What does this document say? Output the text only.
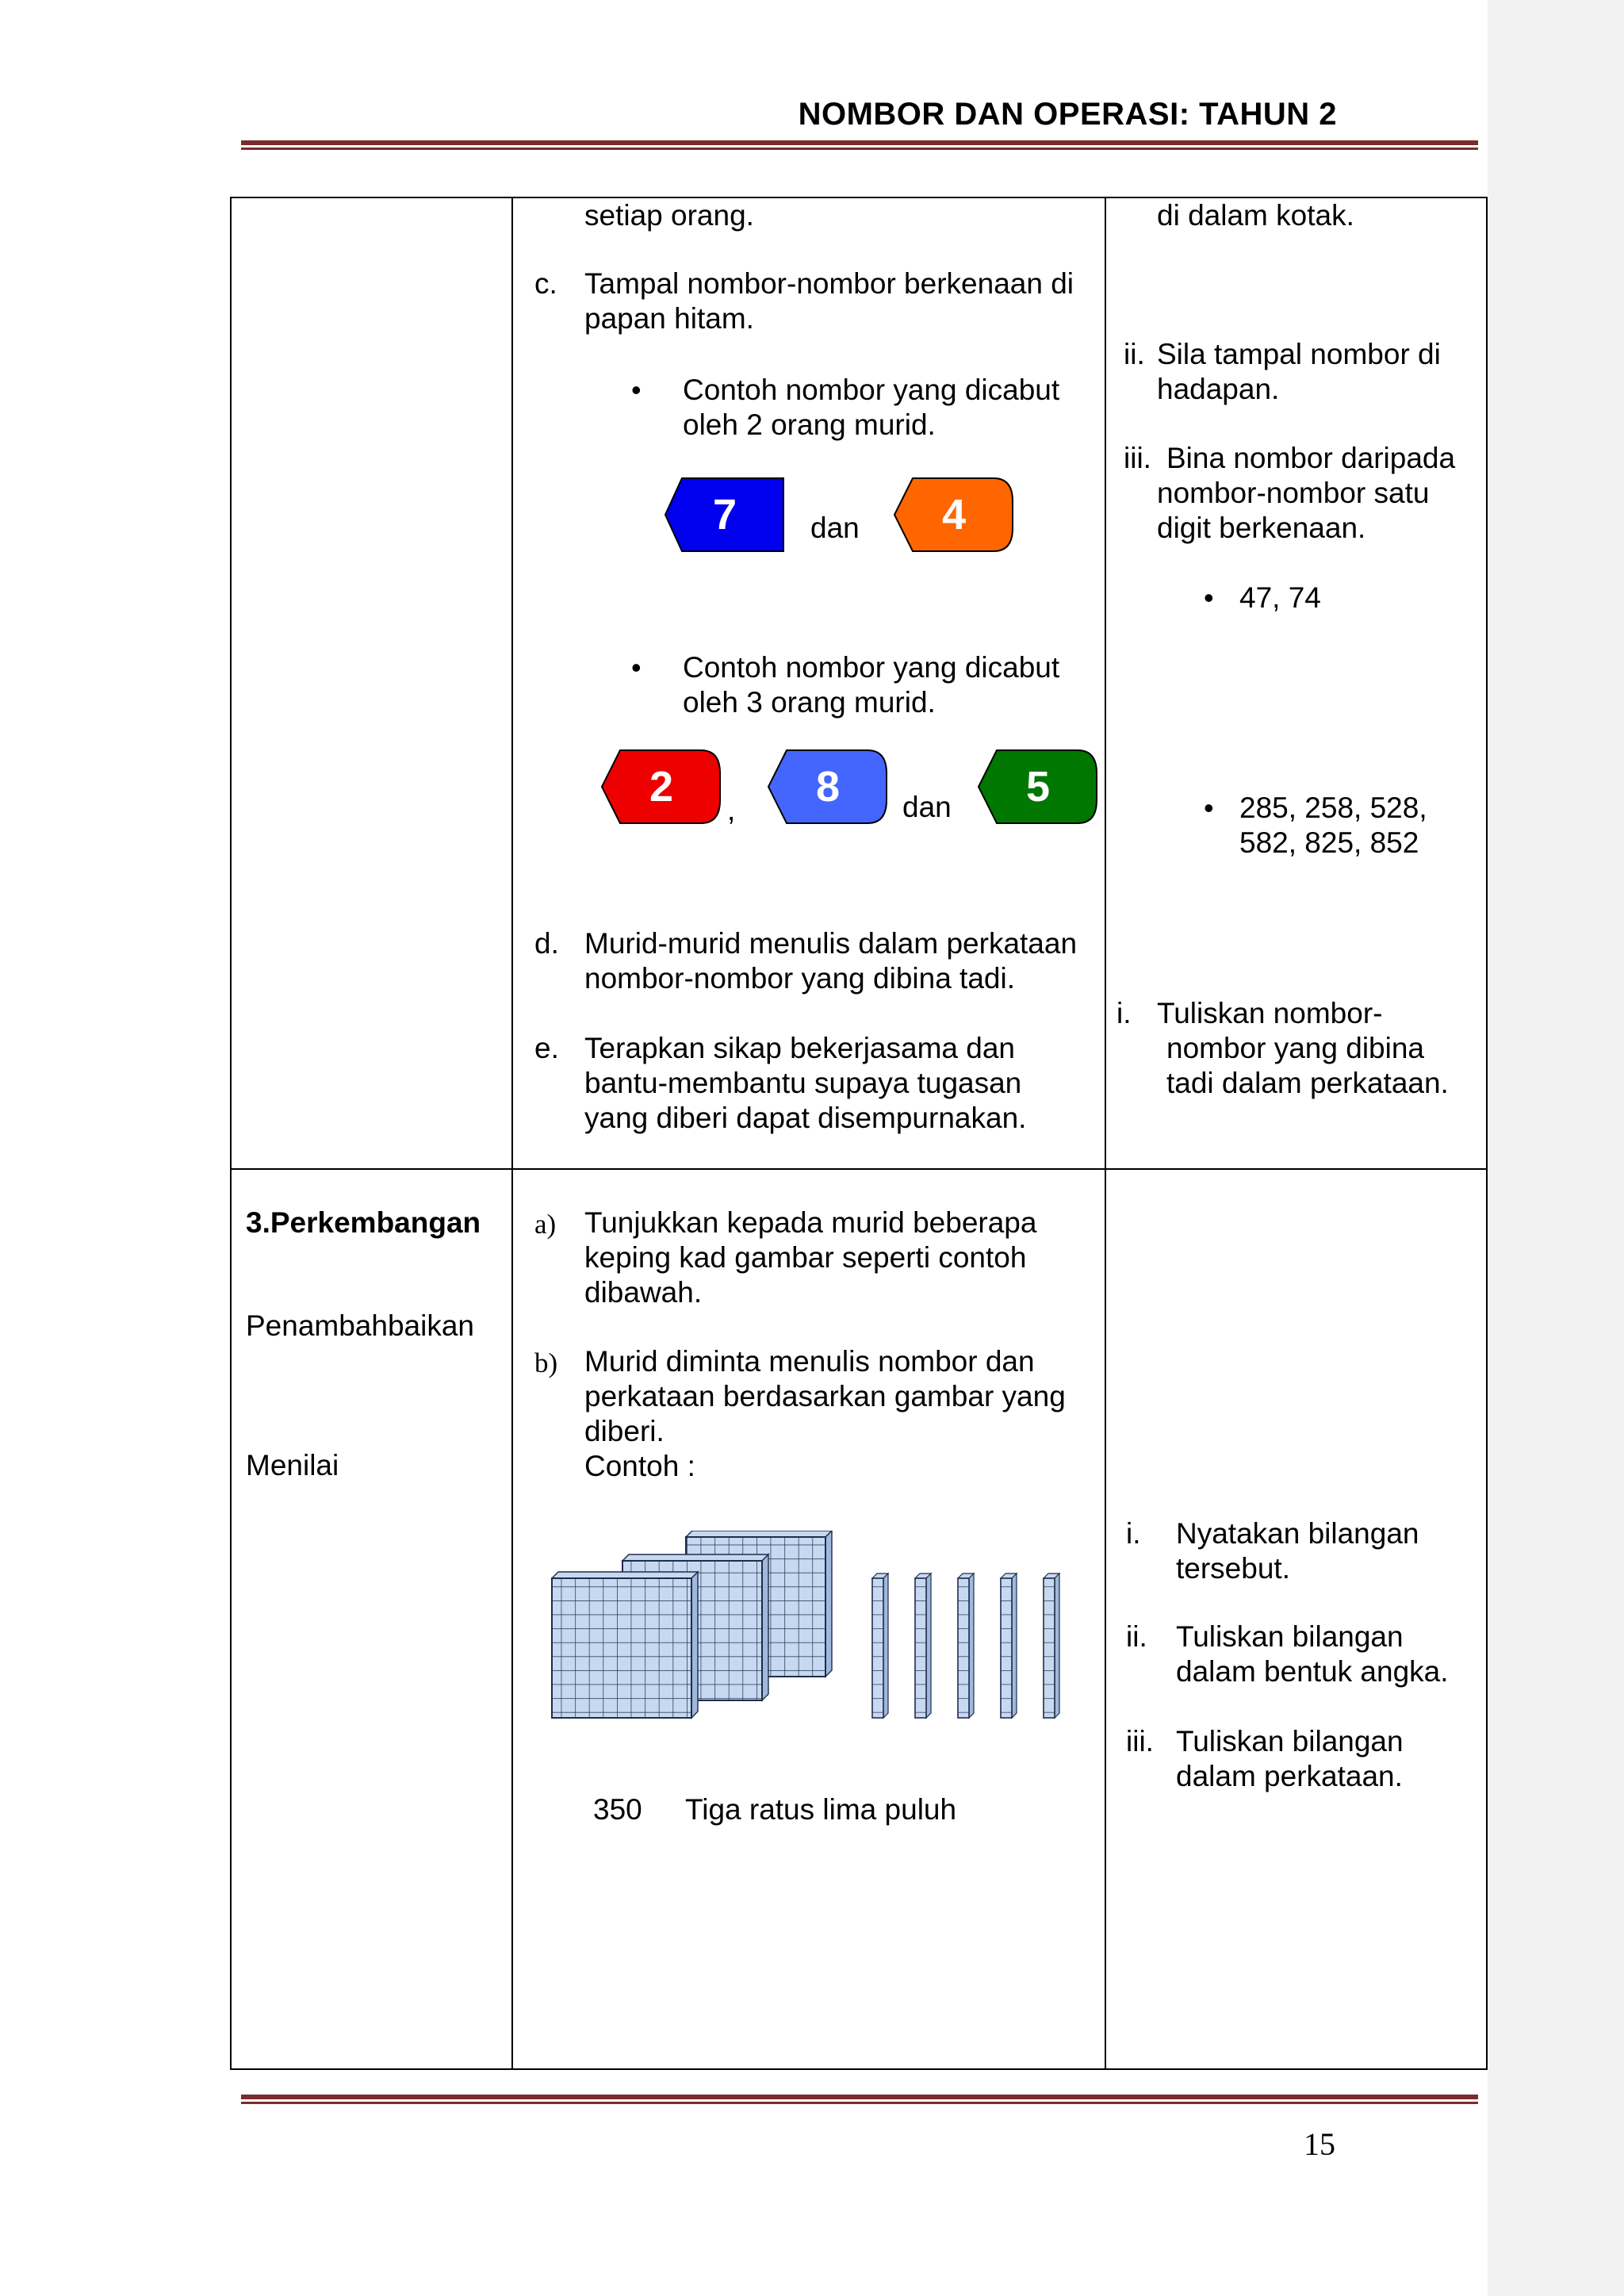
NOMBOR DAN OPERASI: TAHUN 2
setiap orang.
c. Tampal nombor-nombor berkenaan di
papan hitam.
• Contoh nombor yang dicabut
oleh 2 orang murid.
7	dan	4
• Contoh nombor yang dicabut
oleh 3 orang murid.
2	,	8	dan	5
d. Murid-murid menulis dalam perkataan
nombor-nombor yang dibina tadi.
e. Terapkan sikap bekerjasama dan
bantu-membantu supaya tugasan
yang diberi dapat disempurnakan.
di dalam kotak.
ii. Sila tampal nombor di
hadapan.
iii. Bina nombor daripada
nombor-nombor satu
digit berkenaan.
• 47, 74
• 285, 258, 528,
582, 825, 852
i. Tuliskan nombor-
nombor yang dibina
tadi dalam perkataan.
3.Perkembangan
Penambahbaikan
Menilai
a) Tunjukkan kepada murid beberapa
keping kad gambar seperti contoh
dibawah.
b) Murid diminta menulis nombor dan
perkataan berdasarkan gambar yang
diberi.
Contoh :
350 Tiga ratus lima puluh
i. Nyatakan bilangan
tersebut.
ii. Tuliskan bilangan
dalam bentuk angka.
iii. Tuliskan bilangan
dalam perkataan.
15
